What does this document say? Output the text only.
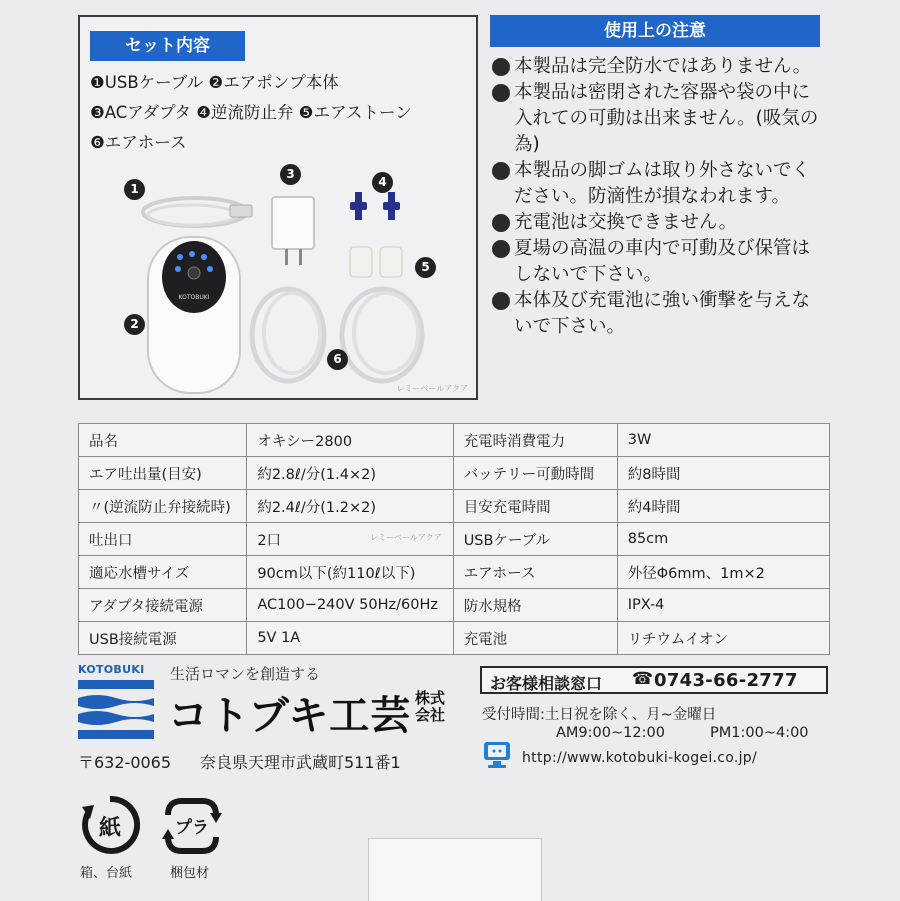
セット内容
❶USBケーブル ❷エアポンプ本体
❸ACアダプタ ❹逆流防止弁 ❺エアストーン
❻エアホース
KOTOBUKI
1
2
3
4
5
6
レミーベールアクア
使用上の注意
本製品は完全防水ではありません。
本製品は密閉された容器や袋の中に入れての可動は出来ません。(吸気の為)
本製品の脚ゴムは取り外さないでください。防滴性が損なわれます。
充電池は交換できません。
夏場の高温の車内で可動及び保管はしないで下さい。
本体及び充電池に強い衝撃を与えないで下さい。
品名	オキシー2800	充電時消費電力	3W
エア吐出量(目安)	約2.8ℓ/分(1.4×2)	バッテリー可動時間	約8時間
〃(逆流防止弁接続時)	約2.4ℓ/分(1.2×2)	目安充電時間	約4時間
吐出口	2口	USBケーブル	85cm
適応水槽サイズ	90cm以下(約110ℓ以下)	エアホース	外径Φ6mm、1m×2
アダプタ接続電源	AC100−240V 50Hz/60Hz	防水規格	IPX-4
USB接続電源	5V 1A	充電池	リチウムイオン
レミーベールアクア
KOTOBUKI 生活ロマンを創造する
コトブキ工芸 株式会社
〒632-0065 奈良県天理市武蔵町511番1
お客様相談窓口 ☎ 0743-66-2777
受付時間:土日祝を除く、月~金曜日
AM9:00~12:00	PM1:00~4:00
http://www.kotobuki-kogei.co.jp/
紙
箱、台紙
プラ
梱包材
